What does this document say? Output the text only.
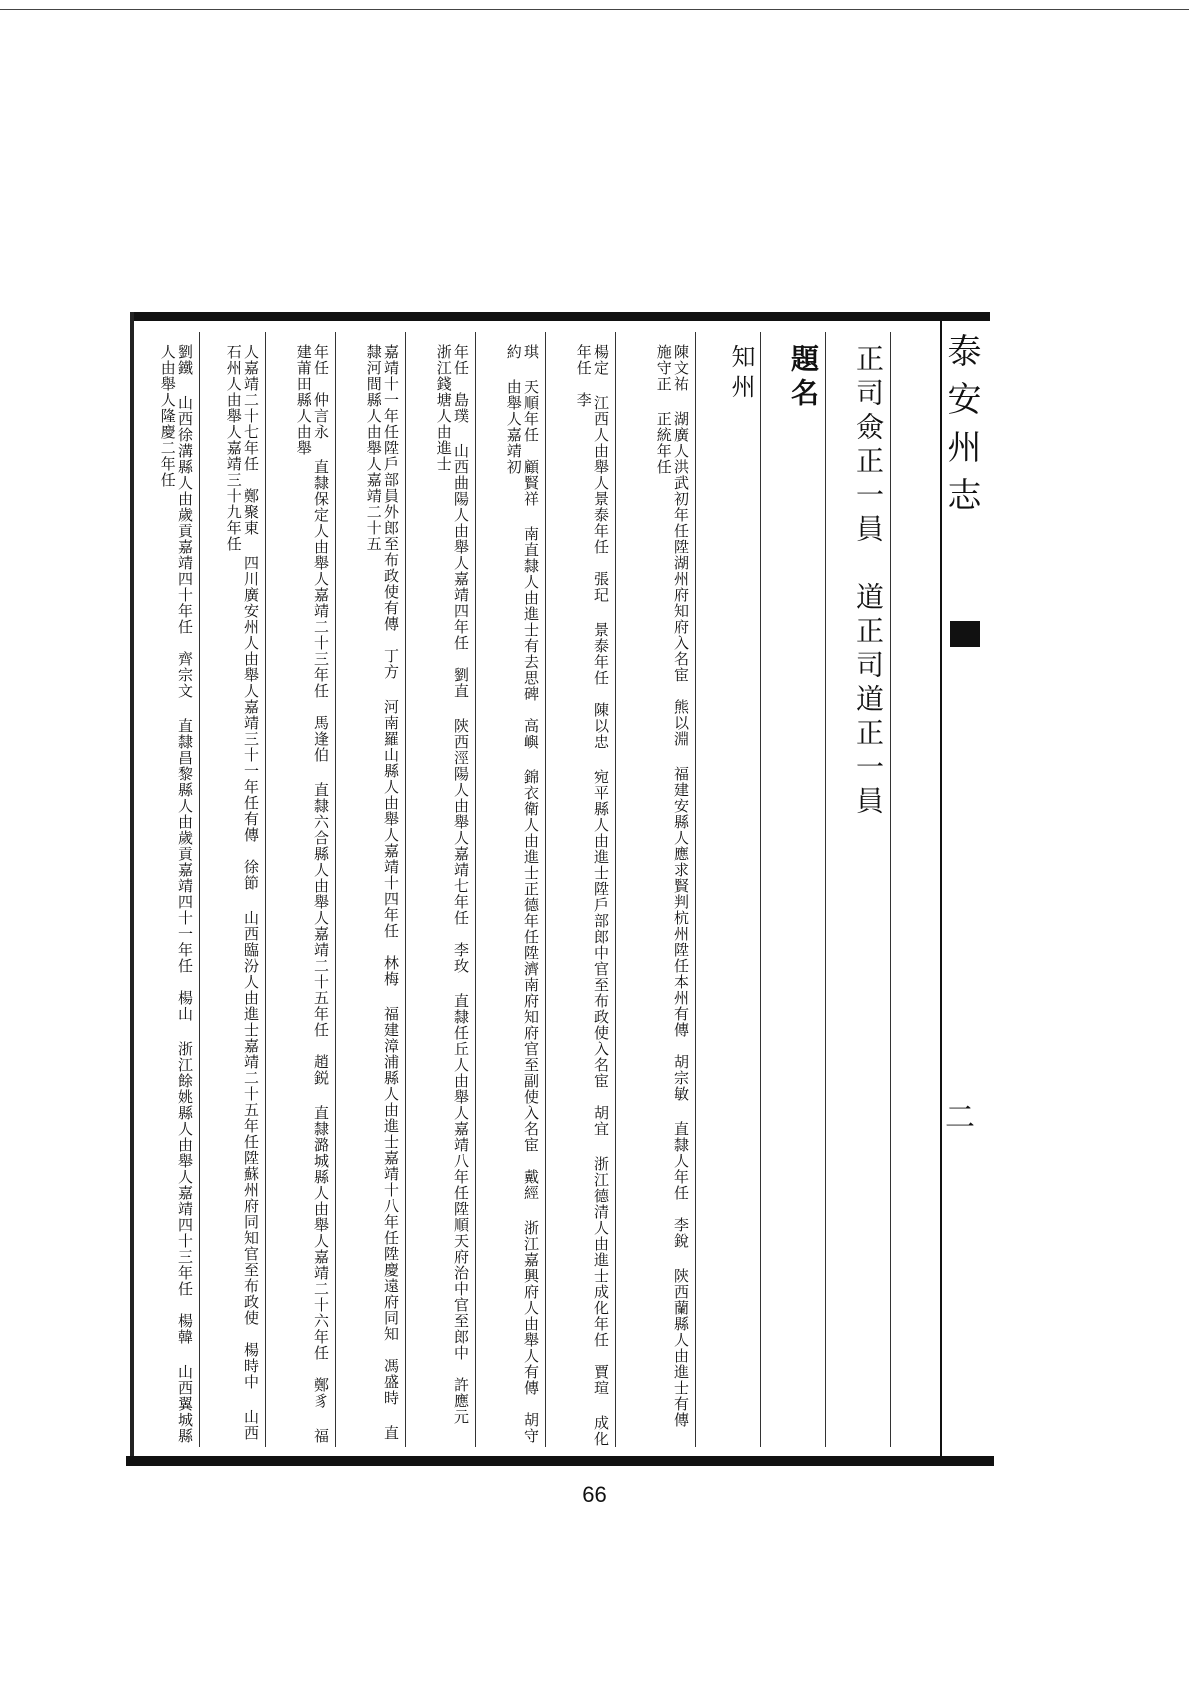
正司僉正一員　道正司道正一員
題名
知州
陳文祐 湖廣人洪武初年任陞湖州府知府入名宦　熊以淵 福建安縣人應求賢判杭州陞任本州有傳　胡宗敏 直隸人年任　李銳 陝西蘭縣人由進士有傳　施守正 正統年任
楊定 江西人由舉人景泰年任　張玘 景泰年任　陳以忠 宛平縣人由進士陞戶部郎中官至布政使入名宦　胡宜 浙江德清人由進士成化年任　賈瑄 成化年任　李
琪 天順年任　顧賢祥 南直隸人由進士有去思碑　高嶼 錦衣衛人由進士正德年任陞濟南府知府官至副使入名宦　戴經 浙江嘉興府人由舉人有傳　胡守約 由舉人嘉靖初
年任　島璞 山西曲陽人由舉人嘉靖四年任　劉直 陝西涇陽人由舉人嘉靖七年任　李玫 直隸任丘人由舉人嘉靖八年任陞順天府治中官至郎中　許應元 浙江錢塘人由進士
嘉靖十一年任陞戶部員外郎至布政使有傳　丁方 河南羅山縣人由舉人嘉靖十四年任　林梅 福建漳浦縣人由進士嘉靖十八年任陞慶遠府同知　馮盛時 直隸河間縣人由舉人嘉靖二十五
年任　仲言永 直隸保定人由舉人嘉靖二十三年任　馬逢伯 直隸六合縣人由舉人嘉靖二十五年任　趙鋭 直隸潞城縣人由舉人嘉靖二十六年任　鄭豸 福建莆田縣人由舉
人嘉靖二十七年任　鄭聚東 四川廣安州人由舉人嘉靖三十一年任有傳　徐節 山西臨汾人由進士嘉靖二十五年任陞蘇州府同知官至布政使　楊時中 山西石州人由舉人嘉靖三十九年任
劉鐵 山西徐溝縣人由歲貢嘉靖四十年任　齊宗文 直隸昌黎縣人由歲貢嘉靖四十一年任　楊山 浙江餘姚縣人由舉人嘉靖四十三年任　楊韓 山西翼城縣人由舉人隆慶二年任	泰安州志
二
66
